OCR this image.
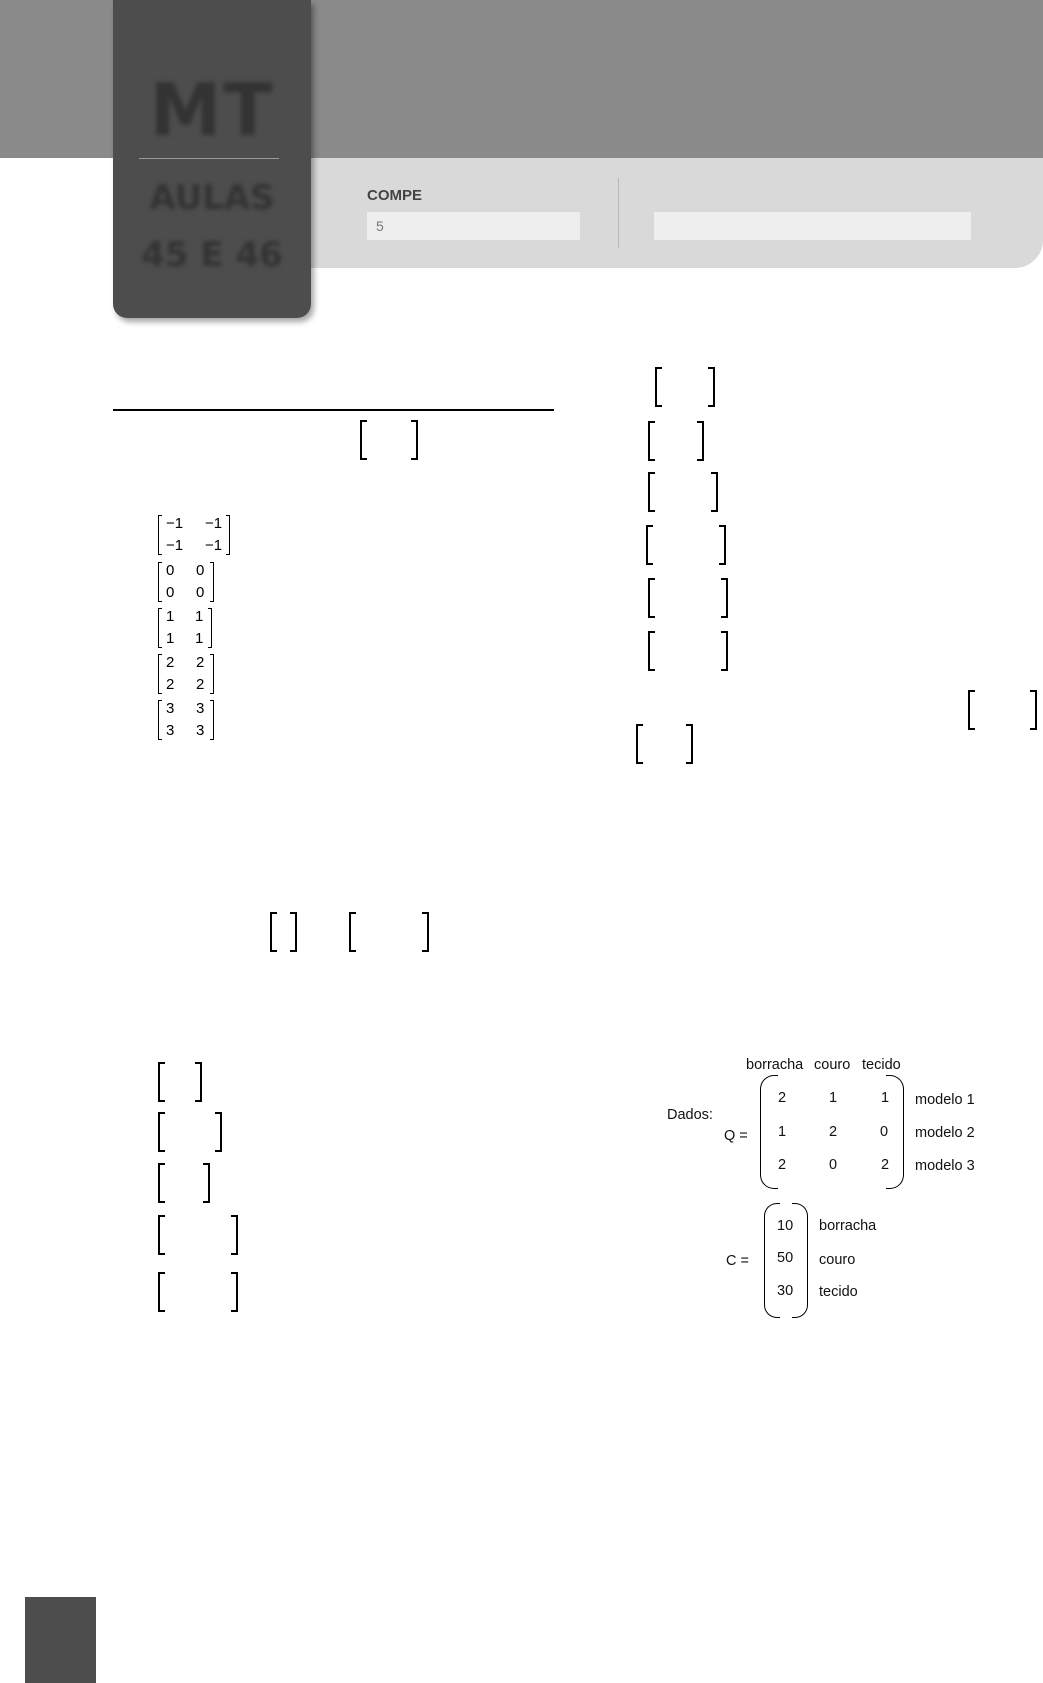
MT
AULAS
45 E 46
COMPE
5
−1 −1
−1 −1
0 0
0 0
1 1
1 1
2 2
2 2
3 3
3 3
borracha couro tecido
Dados:
Q =
2	1	1 modelo 1
1	2	0 modelo 2
2	0	2 modelo 3
C =
10 borracha
50 couro
30 tecido
